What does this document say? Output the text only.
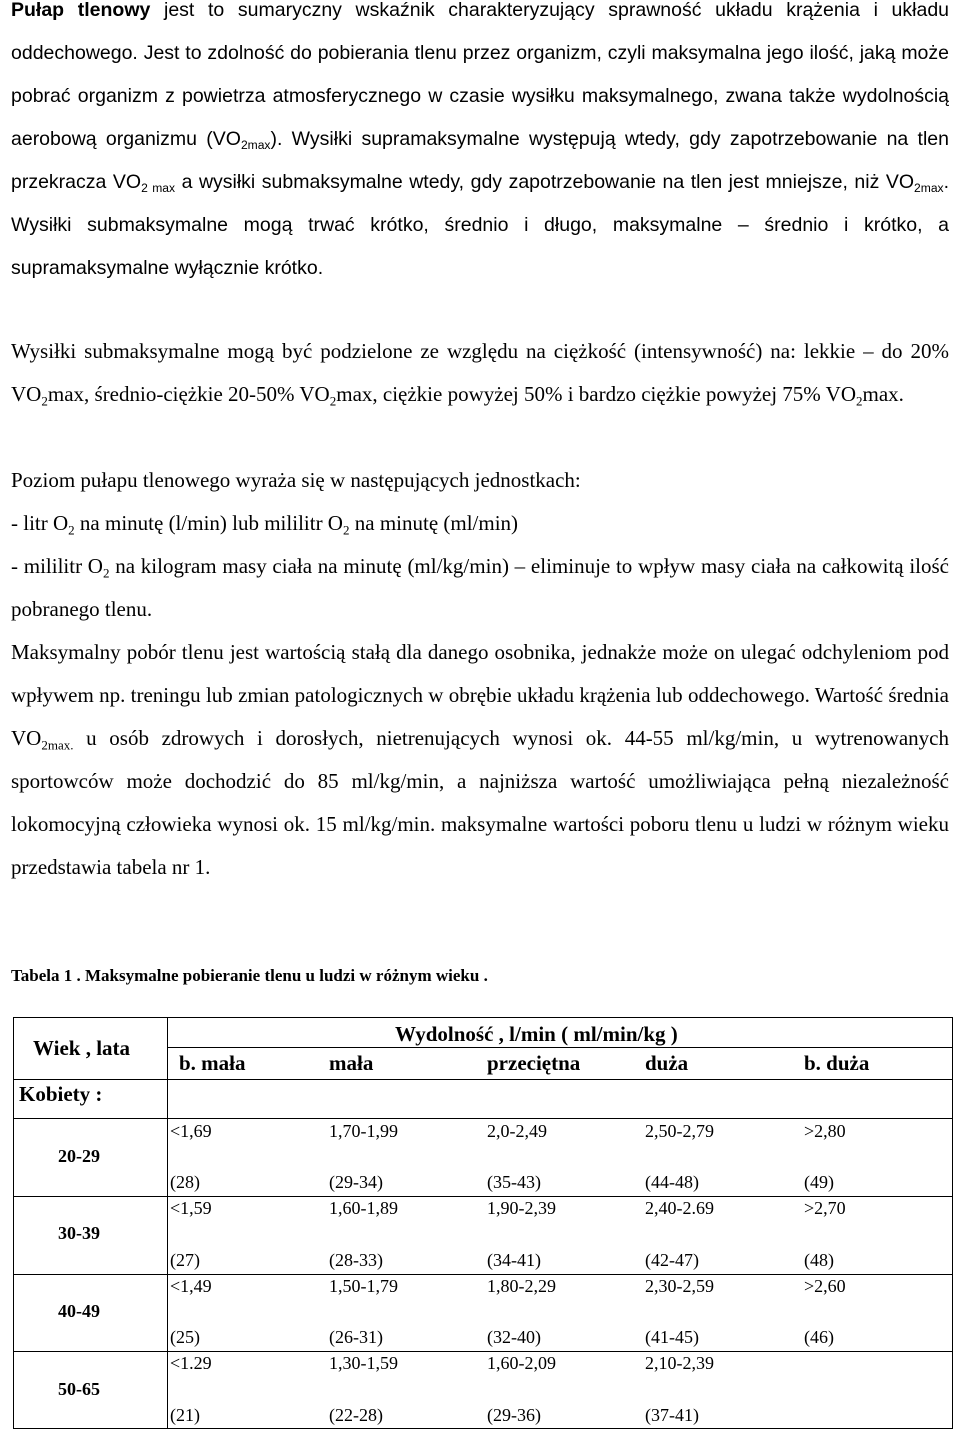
Pułap tlenowy jest to sumaryczny wskaźnik charakteryzujący sprawność układu krążenia i układu oddechowego. Jest to zdolność do pobierania tlenu przez organizm, czyli maksymalna jego ilość, jaką może pobrać organizm z powietrza atmosferycznego w czasie wysiłku maksymalnego, zwana także wydolnością aerobową organizmu $(VO_{2max})$. Wysiłki supramaksymalne występują wtedy, gdy zapotrzebowanie na tlen przekracza $VO_{2 max}$ a wysiłki submaksymalne wtedy, gdy zapotrzebowanie na tlen jest mniejsze, niż $VO_{2max}$. Wysiłki submaksymalne mogą trwać krótko, średnio i długo, maksymalne – średnio i krótko, a supramaksymalne wyłącznie krótko.

Wysiłki submaksymalne mogą być podzielone ze względu na ciężkość (intensywność) na: lekkie – do 20% $VO_2\max$, średnio-ciężkie 20-50% $VO_2\max$, ciężkie powyżej 50% i bardzo ciężkie powyżej 75% $VO_2\max$.

Poziom pułapu tlenowego wyraża się w następujących jednostkach:

- litr $O_2$ na minutę (l/min) lub mililitr $O_2$ na minutę (ml/min)

- mililitr $O_2$ na kilogram masy ciała na minutę (ml/kg/min) – eliminuje to wpływ masy ciała na całkowitą ilość pobranego tlenu.

Maksymalny pobór tlenu jest wartością stałą dla danego osobnika, jednakże może on ulegać odchyleniom pod wpływem np. treningu lub zmian patologicznych w obrębie układu krążenia lub oddechowego. Wartość średnia $VO_{2max.}$ u osób zdrowych i dorosłych, nietrenujących wynosi ok. 44-55 ml/kg/min, u wytrenowanych sportowców może dochodzić do 85 ml/kg/min, a najniższa wartość umożliwiająca pełną niezależność lokomocyjną człowieka wynosi ok. 15 ml/kg/min. maksymalne wartości poboru tlenu u ludzi w różnym wieku przedstawia tabela nr 1.

Tabela 1 . Maksymalne pobieranie tlenu u ludzi w różnym wieku .
Wiek , lata
Kobiety :
Wydolność , l/min ( ml/min/kg )
b. mała	mała	przeciętna	duża	b. duża
20-29
<1,69	1,70-1,99	2,0-2,49	2,50-2,79	>2,80
(28)	(29-34)	(35-43)	(44-48)	(49)
30-39
<1,59	1,60-1,89	1,90-2,39	2,40-2.69	>2,70
(27)	(28-33)	(34-41)	(42-47)	(48)
40-49
<1,49	1,50-1,79	1,80-2,29	2,30-2,59	>2,60
(25)	(26-31)	(32-40)	(41-45)	(46)
50-65
<1.29	1,30-1,59	1,60-2,09	2,10-2,39
(21)	(22-28)	(29-36)	(37-41)
